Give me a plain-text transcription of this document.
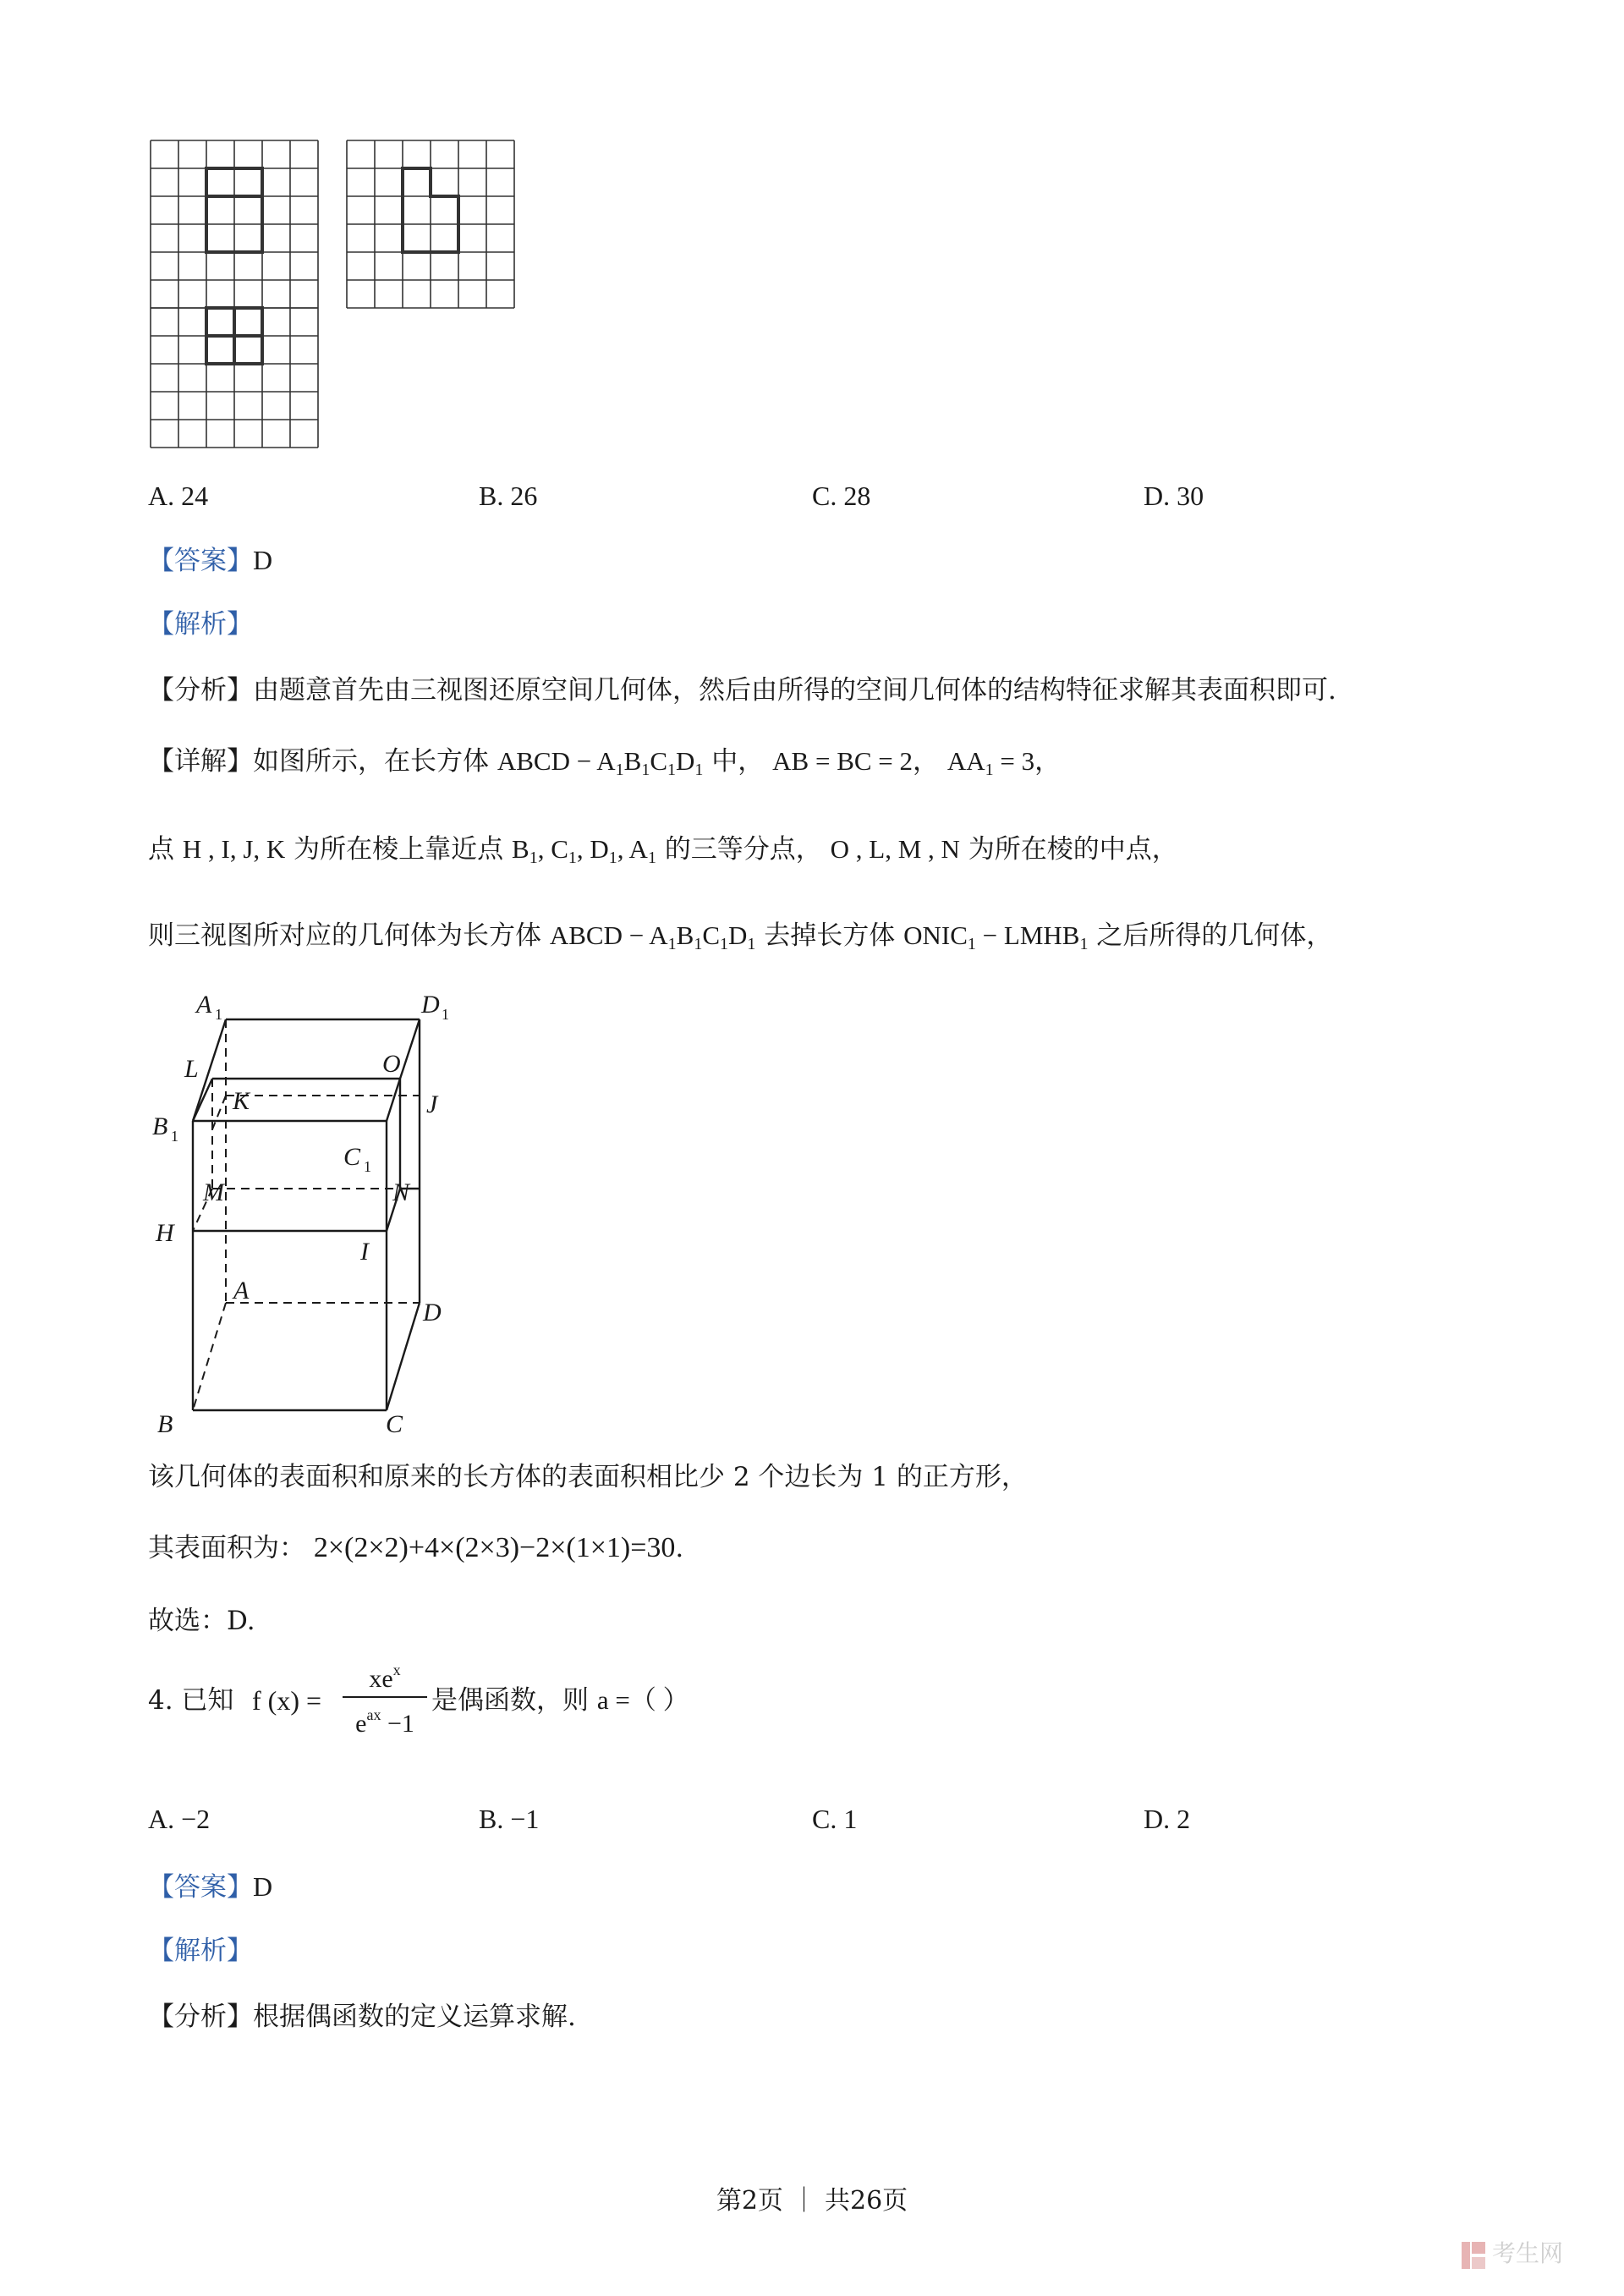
A. 24	B. 26	C. 28	D. 30
【答案】D
【解析】
【分析】由题意首先由三视图还原空间几何体，然后由所得的空间几何体的结构特征求解其表面积即可.
【详解】如图所示，在长方体 ABCD − $A_1B_1C_1D_1$ 中， AB = BC = 2， $AA_1 = 3$，
点 H , I, J, K 为所在棱上靠近点 $B_1$, $C_1$, $D_1$, $A_1$ 的三等分点， O , L, M , N 为所在棱的中点，
则三视图所对应的几何体为长方体 ABCD − $A_1B_1C_1D_1$ 去掉长方体 $ONIC_1$ − $LMHB_1$ 之后所得的几何体，
A 1	D 1
L	O
K	J
B 1
C 1
M	N
H
I
A
D
B	C
该几何体的表面积和原来的长方体的表面积相比少 2 个边长为 1 的正方形，
其表面积为： 2×(2×2)+4×(2×3)−2×(1×1)=30.
故选：D.
4. 已知 f (x) =
$xe^x$
$e^{ax} -1$
是偶函数，则 a =（ ）
A. −2	B. −1	C. 1	D. 2
【答案】D
【解析】
【分析】根据偶函数的定义运算求解.
第2页 ｜ 共26页
考生网
